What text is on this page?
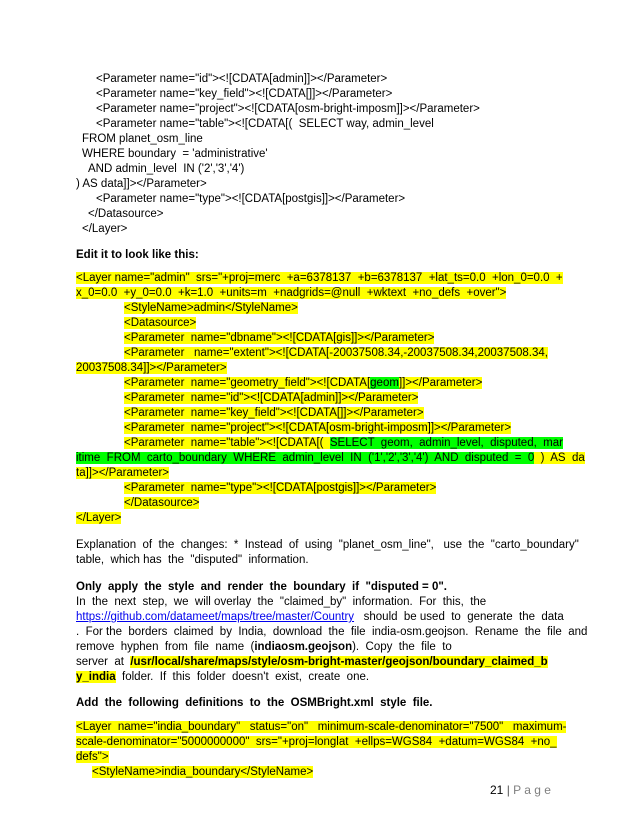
<Parameter name="id"><![CDATA[admin]]></Parameter>
<Parameter name="key_field"><![CDATA[]]></Parameter>
<Parameter name="project"><![CDATA[osm-bright-imposm]]></Parameter>
<Parameter name="table"><![CDATA[(  SELECT way, admin_level
FROM planet_osm_line
WHERE boundary  = 'administrative'
AND admin_level  IN ('2','3','4')
) AS data]]></Parameter>
<Parameter name="type"><![CDATA[postgis]]></Parameter>
</Datasource>
</Layer>
Edit it to look like this:
<Layer name="admin"  srs="+proj=merc  +a=6378137  +b=6378137  +lat_ts=0.0  +lon_0=0.0  +
x_0=0.0  +y_0=0.0  +k=1.0  +units=m  +nadgrids=@null  +wktext  +no_defs  +over">
<StyleName>admin</StyleName>
<Datasource>
<Parameter  name="dbname"><![CDATA[gis]]></Parameter>
<Parameter   name="extent"><![CDATA[-20037508.34,-20037508.34,20037508.34,
20037508.34]]></Parameter>
<Parameter  name="geometry_field"><![CDATA[geom]]></Parameter>
<Parameter  name="id"><![CDATA[admin]]></Parameter>
<Parameter  name="key_field"><![CDATA[]]></Parameter>
<Parameter  name="project"><![CDATA[osm-bright-imposm]]></Parameter>
<Parameter  name="table"><![CDATA[(  SELECT  geom,  admin_level,  disputed,  mar
itime  FROM  carto_boundary  WHERE  admin_level  IN  ('1','2','3','4')  AND  disputed  =  0  )  AS  da
ta]]></Parameter>
<Parameter  name="type"><![CDATA[postgis]]></Parameter>
</Datasource>
</Layer>
Explanation  of  the  changes:  *  Instead  of  using  "planet_osm_line",   use  the  "carto_boundary"
table,  which has  the  "disputed"  information.
Only  apply  the  style  and  render  the  boundary  if  "disputed = 0".
In  the  next  step,  we  will overlay  the  "claimed_by"  information.  For  this,  the
https://github.com/datameet/maps/tree/master/Country   should  be used  to  generate  the  data
.  For the  borders  claimed  by  India,  download  the  file  india-osm.geojson.  Rename  the  file  and
remove  hyphen  from  file  name  (indiaosm.geojson).  Copy  the  file  to
server  at  /usr/local/share/maps/style/osm-bright-master/geojson/boundary_claimed_b
y_india  folder.  If  this  folder  doesn't  exist,  create  one.
Add  the  following  definitions  to  the  OSMBright.xml  style  file.
<Layer  name="india_boundary"   status="on"   minimum-scale-denominator="7500"   maximum-
scale-denominator="5000000000"  srs="+proj=longlat  +ellps=WGS84  +datum=WGS84  +no_
defs">
<StyleName>india_boundary</StyleName>
21 | P a g e
